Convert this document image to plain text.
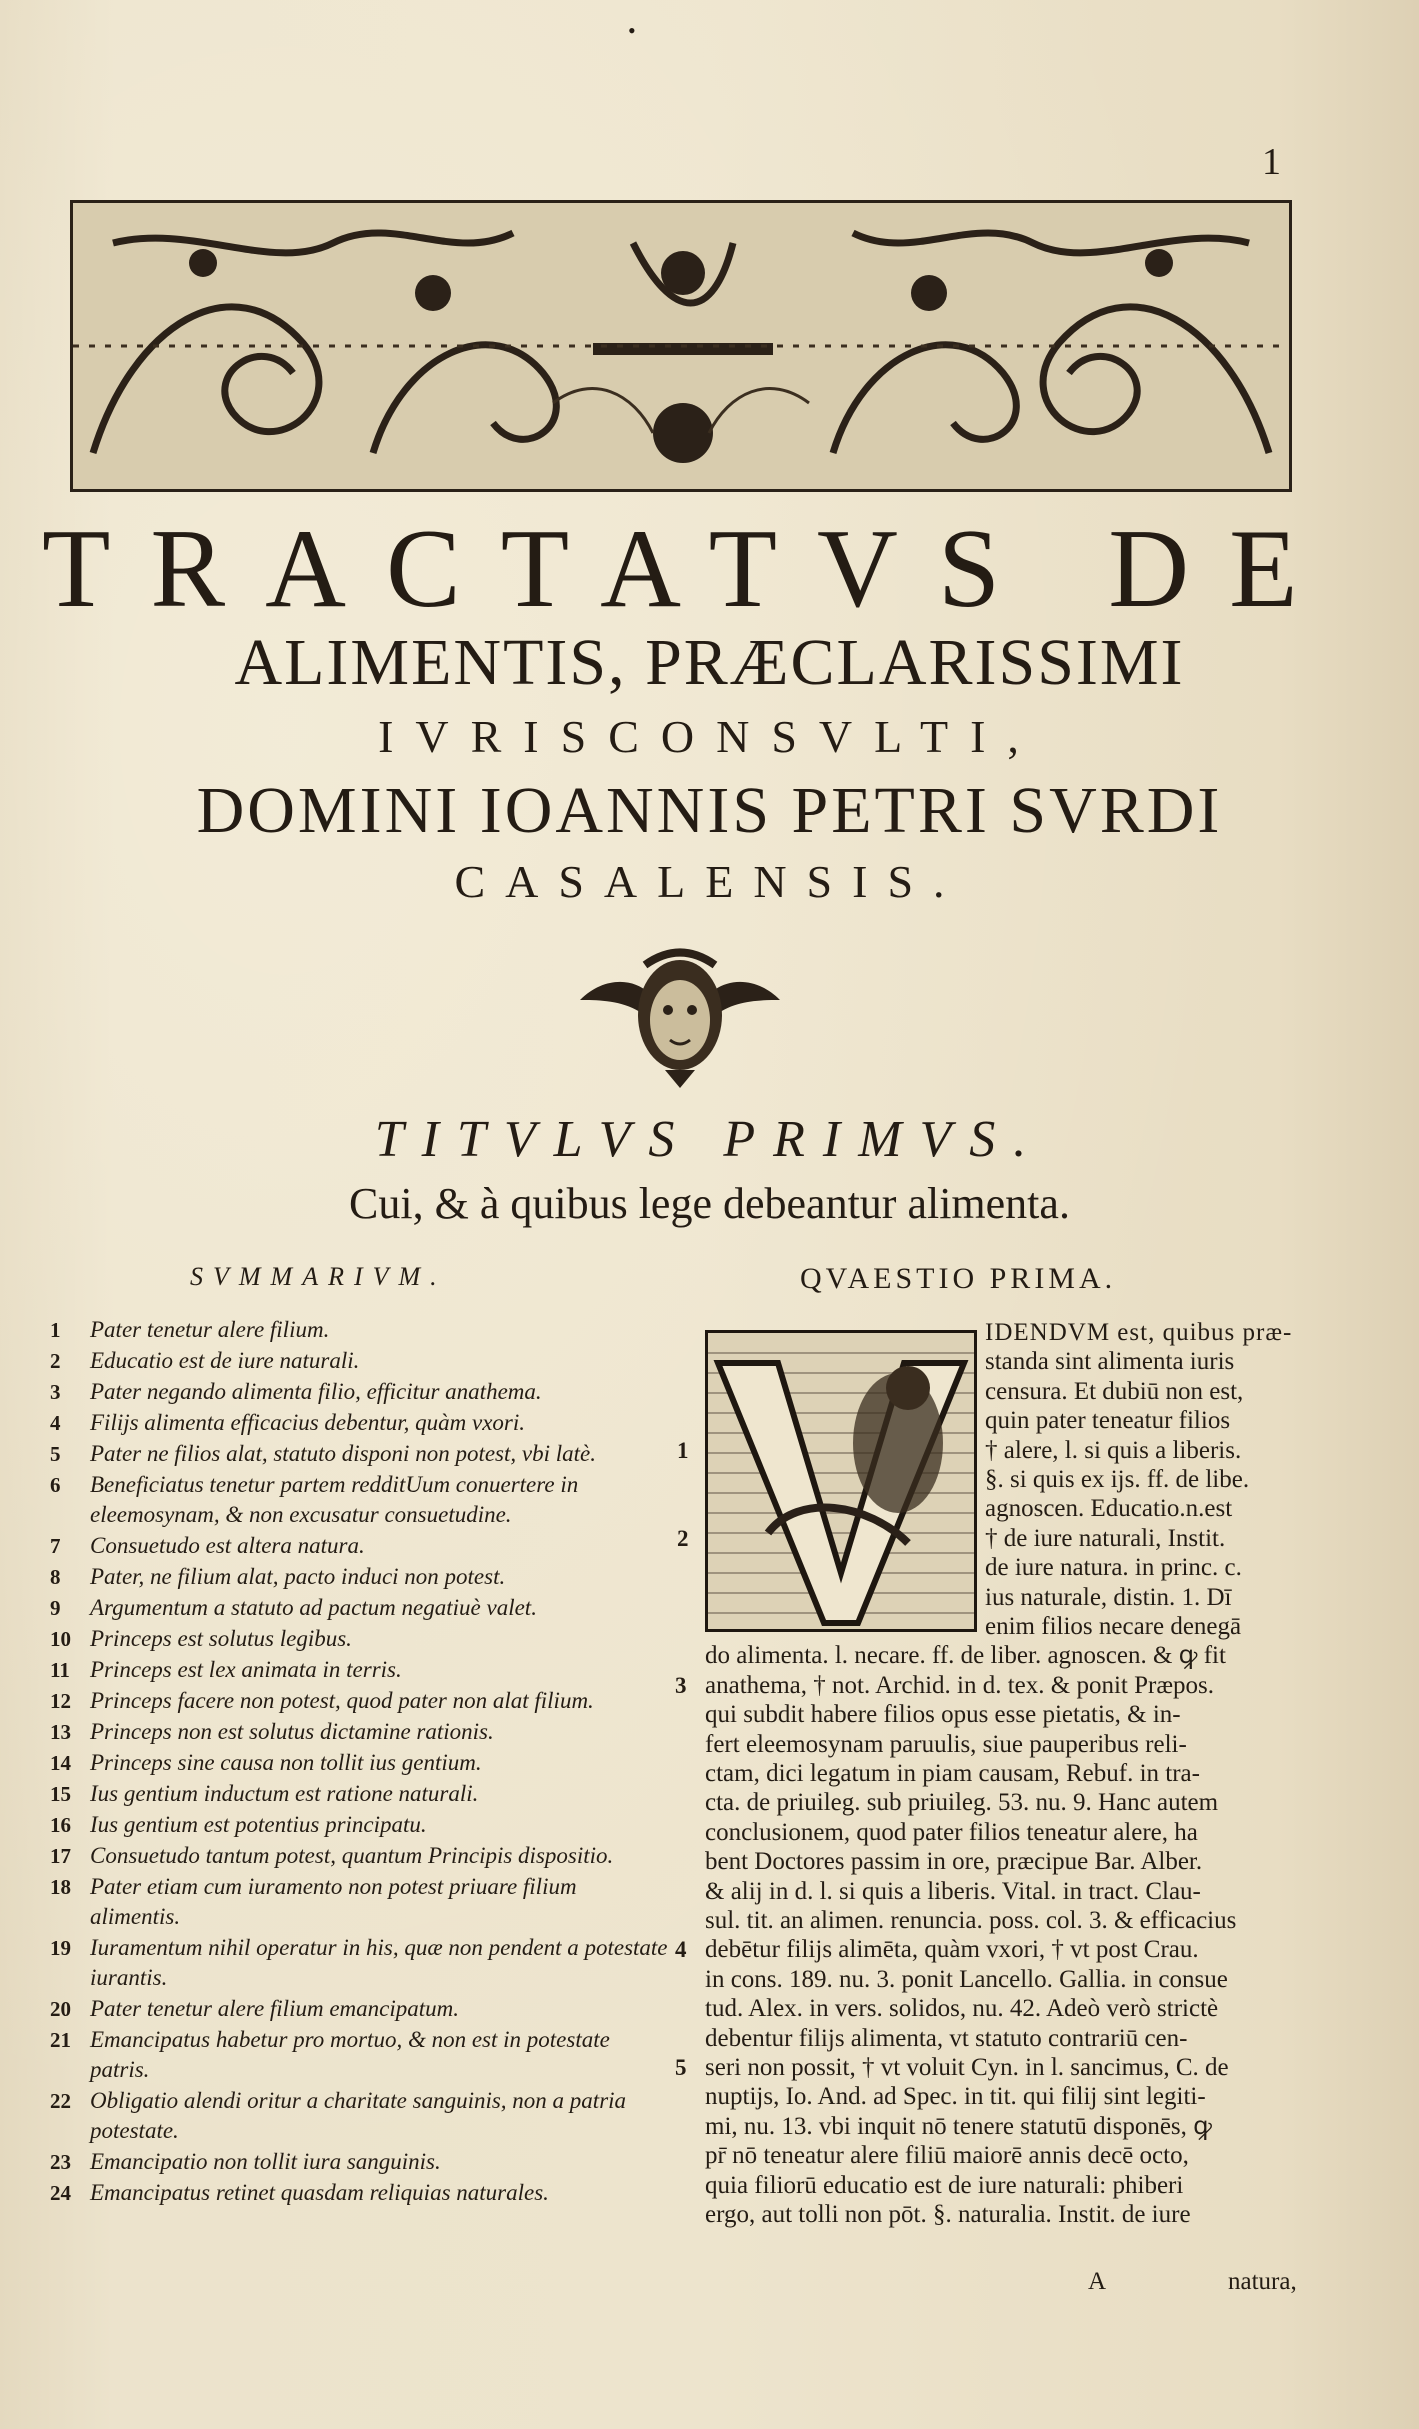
•
1
TRACTATVS DE
ALIMENTIS, PRÆCLARISSIMI
IVRISCONSVLTI,
DOMINI IOANNIS PETRI SVRDI
CASALENSIS.
TITVLVS PRIMVS.
Cui, & à quibus lege debeantur alimenta.
SVMMARIVM.	QVAESTIO PRIMA.
1	Pater tenetur alere filium.
2	Educatio est de iure naturali.
3	Pater negando alimenta filio, efficitur anathema.
4	Filijs alimenta efficacius debentur, quàm vxori.
5	Pater ne filios alat, statuto disponi non potest, vbi latè.
6	Beneficiatus tenetur partem redditUum conuertere in eleemosynam, & non excusatur consuetudine.
7	Consuetudo est altera natura.
8	Pater, ne filium alat, pacto induci non potest.
9	Argumentum a statuto ad pactum negatiuè valet.
10 Princeps est solutus legibus.
11 Princeps est lex animata in terris.
12 Princeps facere non potest, quod pater non alat filium.
13 Princeps non est solutus dictamine rationis.
14 Princeps sine causa non tollit ius gentium.
15 Ius gentium inductum est ratione naturali.
16 Ius gentium est potentius principatu.
17 Consuetudo tantum potest, quantum Principis dispositio.
18 Pater etiam cum iuramento non potest priuare filium alimentis.
19 Iuramentum nihil operatur in his, quæ non pendent a potestate iurantis.
20 Pater tenetur alere filium emancipatum.
21 Emancipatus habetur pro mortuo, & non est in potestate patris.
22 Obligatio alendi oritur a charitate sanguinis, non a patria potestate.
23 Emancipatio non tollit iura sanguinis.
24 Emancipatus retinet quasdam reliquias naturales.
IDENDVM est, quibus præ-
standa sint alimenta iuris
censura. Et dubiū non est,
quin pater teneatur filios
† alere, l. si quis a liberis.
§. si quis ex ijs. ff. de libe.
agnoscen. Educatio.n.est
† de iure naturali, Instit.
de iure natura. in princ. c.
ius naturale, distin. 1. Dī
enim filios necare denegā
do alimenta. l. necare. ff. de liber. agnoscen. & ꝙ fit
anathema, † not. Archid. in d. tex. & ponit Præpos.
qui subdit habere filios opus esse pietatis, & in-
fert eleemosynam paruulis, siue pauperibus reli-
ctam, dici legatum in piam causam, Rebuf. in tra-
cta. de priuileg. sub priuileg. 53. nu. 9. Hanc autem
conclusionem, quod pater filios teneatur alere, ha
bent Doctores passim in ore, præcipue Bar. Alber.
& alij in d. l. si quis a liberis. Vital. in tract. Clau-
sul. tit. an alimen. renuncia. poss. col. 3. & efficacius
debētur filijs alimēta, quàm vxori, † vt post Crau.
in cons. 189. nu. 3. ponit Lancello. Gallia. in consue
tud. Alex. in vers. solidos, nu. 42. Adeò verò strictè
debentur filijs alimenta, vt statuto contrariū cen-
seri non possit, † vt voluit Cyn. in l. sancimus, C. de
nuptijs, Io. And. ad Spec. in tit. qui filij sint legiti-
mi, nu. 13. vbi inquit nō tenere statutū disponēs, ꝙ
pr̄ nō teneatur alere filiū maiorē annis decē octo,
quia filiorū educatio est de iure naturali: phiberi
ergo, aut tolli non pōt. §. naturalia. Instit. de iure
1
2
3
4
5
A	natura,
